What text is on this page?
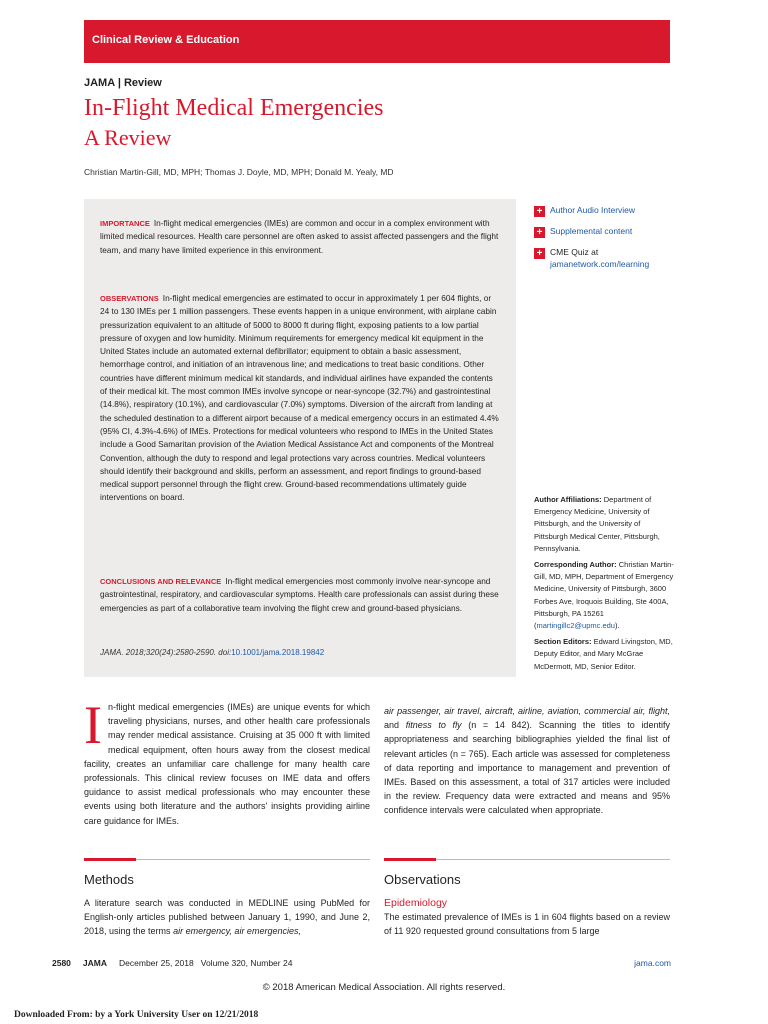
Clinical Review & Education
JAMA | Review
In-Flight Medical Emergencies
A Review
Christian Martin-Gill, MD, MPH; Thomas J. Doyle, MD, MPH; Donald M. Yealy, MD
IMPORTANCE In-flight medical emergencies (IMEs) are common and occur in a complex environment with limited medical resources. Health care personnel are often asked to assist affected passengers and the flight team, and many have limited experience in this environment.
OBSERVATIONS In-flight medical emergencies are estimated to occur in approximately 1 per 604 flights, or 24 to 130 IMEs per 1 million passengers. These events happen in a unique environment, with airplane cabin pressurization equivalent to an altitude of 5000 to 8000 ft during flight, exposing patients to a low partial pressure of oxygen and low humidity. Minimum requirements for emergency medical kit equipment in the United States include an automated external defibrillator; equipment to obtain a basic assessment, hemorrhage control, and initiation of an intravenous line; and medications to treat basic conditions. Other countries have different minimum medical kit standards, and individual airlines have expanded the contents of their medical kit. The most common IMEs involve syncope or near-syncope (32.7%) and gastrointestinal (14.8%), respiratory (10.1%), and cardiovascular (7.0%) symptoms. Diversion of the aircraft from landing at the scheduled destination to a different airport because of a medical emergency occurs in an estimated 4.4% (95% CI, 4.3%-4.6%) of IMEs. Protections for medical volunteers who respond to IMEs in the United States include a Good Samaritan provision of the Aviation Medical Assistance Act and components of the Montreal Convention, although the duty to respond and legal protections vary across countries. Medical volunteers should identify their background and skills, perform an assessment, and report findings to ground-based medical support personnel through the flight crew. Ground-based recommendations ultimately guide interventions on board.
CONCLUSIONS AND RELEVANCE In-flight medical emergencies most commonly involve near-syncope and gastrointestinal, respiratory, and cardiovascular symptoms. Health care professionals can assist during these emergencies as part of a collaborative team involving the flight crew and ground-based physicians.
JAMA. 2018;320(24):2580-2590. doi:10.1001/jama.2018.19842
+ Author Audio Interview
+ Supplemental content
+ CME Quiz at
jamanetwork.com/learning

Author Affiliations: Department of Emergency Medicine, University of Pittsburgh, and the University of Pittsburgh Medical Center, Pittsburgh, Pennsylvania.

Corresponding Author: Christian Martin-Gill, MD, MPH, Department of Emergency Medicine, University of Pittsburgh, 3600 Forbes Ave, Iroquois Building, Ste 400A, Pittsburgh, PA 15261 (martingillc2@upmc.edu).

Section Editors: Edward Livingston, MD, Deputy Editor, and Mary McGrae McDermott, MD, Senior Editor.

In-flight medical emergencies (IMEs) are unique events for which traveling physicians, nurses, and other health care professionals may render medical assistance. Cruising at 35 000 ft with limited medical equipment, often hours away from the closest medical facility, creates an unfamiliar care challenge for many health care professionals. This clinical review focuses on IME data and offers guidance to assist medical professionals who may encounter these events using both literature and the authors' insights providing airline care guidance for IMEs.
air passenger, air travel, aircraft, airline, aviation, commercial air, flight, and fitness to fly (n = 14 842). Scanning the titles to identify appropriateness and searching bibliographies yielded the final list of relevant articles (n = 765). Each article was assessed for completeness of data reporting and importance to management and prevention of IMEs. Based on this assessment, a total of 317 articles were included in the review. Frequency data were extracted and means and 95% confidence intervals were calculated when appropriate.
Methods
A literature search was conducted in MEDLINE using PubMed for English-only articles published between January 1, 1990, and June 2, 2018, using the terms air emergency, air emergencies,
Observations
Epidemiology
The estimated prevalence of IMEs is 1 in 604 flights based on a review of 11 920 requested ground consultations from 5 large
2580 JAMA December 25, 2018   Volume 320, Number 24	jama.com
© 2018 American Medical Association. All rights reserved.
Downloaded From: by a York University User on 12/21/2018
